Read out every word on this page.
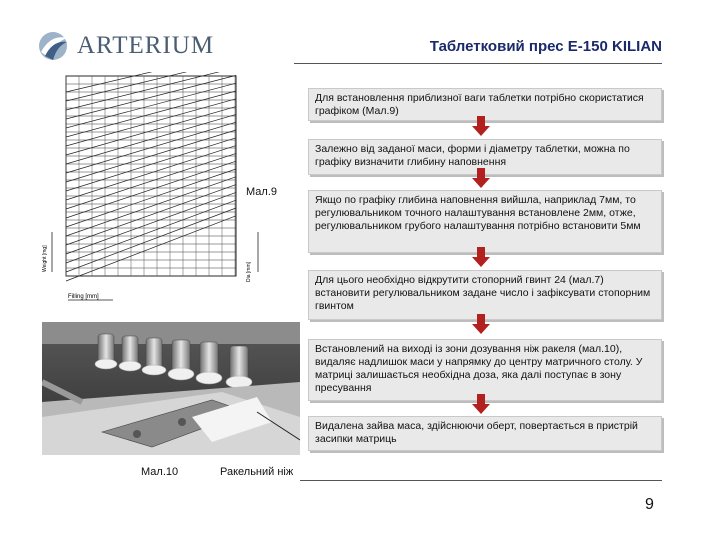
ARTERIUM	Таблетковий прес Е-150 KILIAN
Weight [mg]	Dia [mm]
Filling [mm]
Мал.9
Мал.10	Ракельний ніж
Для встановлення приблизної ваги таблетки потрібно скористатися графіком (Мал.9)
Залежно від заданої маси, форми і діаметру таблетки, можна по графіку визначити глибину наповнення
Якщо по графіку глибина наповнення вийшла, наприклад 7мм, то регулювальником точного налаштування встановлене 2мм, отже, регулювальником грубого налаштування потрібно встановити 5мм
Для цього необхідно відкрутити стопорний гвинт 24 (мал.7) встановити регулювальником задане число і зафіксувати стопорним гвинтом
Встановлений на виході із зони дозування ніж ракеля (мал.10), видаляє надлишок маси у напрямку до центру матричного столу. У матриці залишається необхідна доза, яка далі поступає в зону пресування
Видалена зайва маса, здійснюючи оберт, повертається в пристрій засипки матриць
9
